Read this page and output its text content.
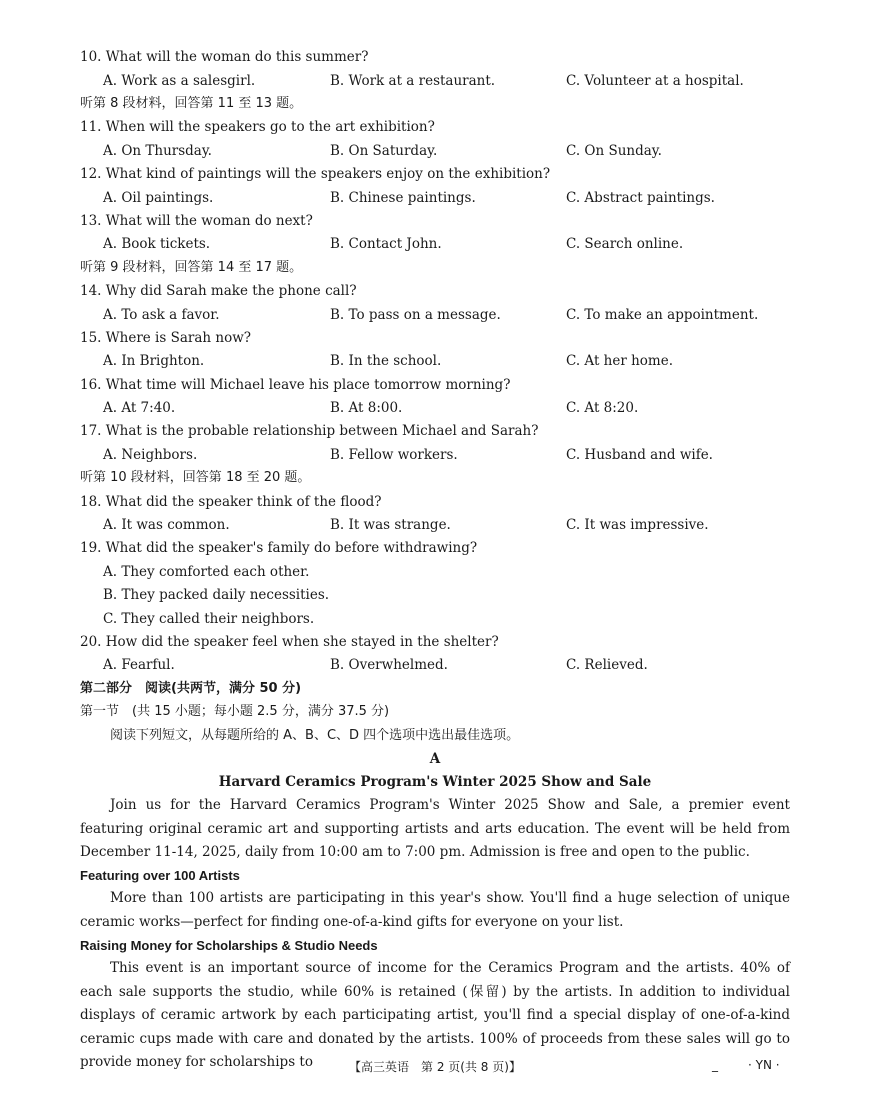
10. What will the woman do this summer?
A. Work as a salesgirl.	B. Work at a restaurant.	C. Volunteer at a hospital.
听第 8 段材料，回答第 11 至 13 题。
11. When will the speakers go to the art exhibition?
A. On Thursday.	B. On Saturday.	C. On Sunday.
12. What kind of paintings will the speakers enjoy on the exhibition?
A. Oil paintings.	B. Chinese paintings.	C. Abstract paintings.
13. What will the woman do next?
A. Book tickets.	B. Contact John.	C. Search online.
听第 9 段材料，回答第 14 至 17 题。
14. Why did Sarah make the phone call?
A. To ask a favor.	B. To pass on a message.	C. To make an appointment.
15. Where is Sarah now?
A. In Brighton.	B. In the school.	C. At her home.
16. What time will Michael leave his place tomorrow morning?
A. At 7:40.	B. At 8:00.	C. At 8:20.
17. What is the probable relationship between Michael and Sarah?
A. Neighbors.	B. Fellow workers.	C. Husband and wife.
听第 10 段材料，回答第 18 至 20 题。
18. What did the speaker think of the flood?
A. It was common.	B. It was strange.	C. It was impressive.
19. What did the speaker's family do before withdrawing?
A. They comforted each other.
B. They packed daily necessities.
C. They called their neighbors.
20. How did the speaker feel when she stayed in the shelter?
A. Fearful.	B. Overwhelmed.	C. Relieved.
第二部分　阅读(共两节，满分 50 分)
第一节　(共 15 小题；每小题 2.5 分，满分 37.5 分)
阅读下列短文，从每题所给的 A、B、C、D 四个选项中选出最佳选项。
A
Harvard Ceramics Program's Winter 2025 Show and Sale
Join us for the Harvard Ceramics Program's Winter 2025 Show and Sale, a premier event featuring original ceramic art and supporting artists and arts education. The event will be held from December 11-14, 2025, daily from 10:00 am to 7:00 pm. Admission is free and open to the public.
Featuring over 100 Artists
More than 100 artists are participating in this year's show. You'll find a huge selection of unique ceramic works—perfect for finding one-of-a-kind gifts for everyone on your list.
Raising Money for Scholarships & Studio Needs
This event is an important source of income for the Ceramics Program and the artists. 40% of each sale supports the studio, while 60% is retained (保留) by the artists. In addition to individual displays of ceramic artwork by each participating artist, you'll find a special display of one-of-a-kind ceramic cups made with care and donated by the artists. 100% of proceeds from these sales will go to provide money for scholarships to	【高三英语　第 2 页(共 8 页)】	_	· YN ·
